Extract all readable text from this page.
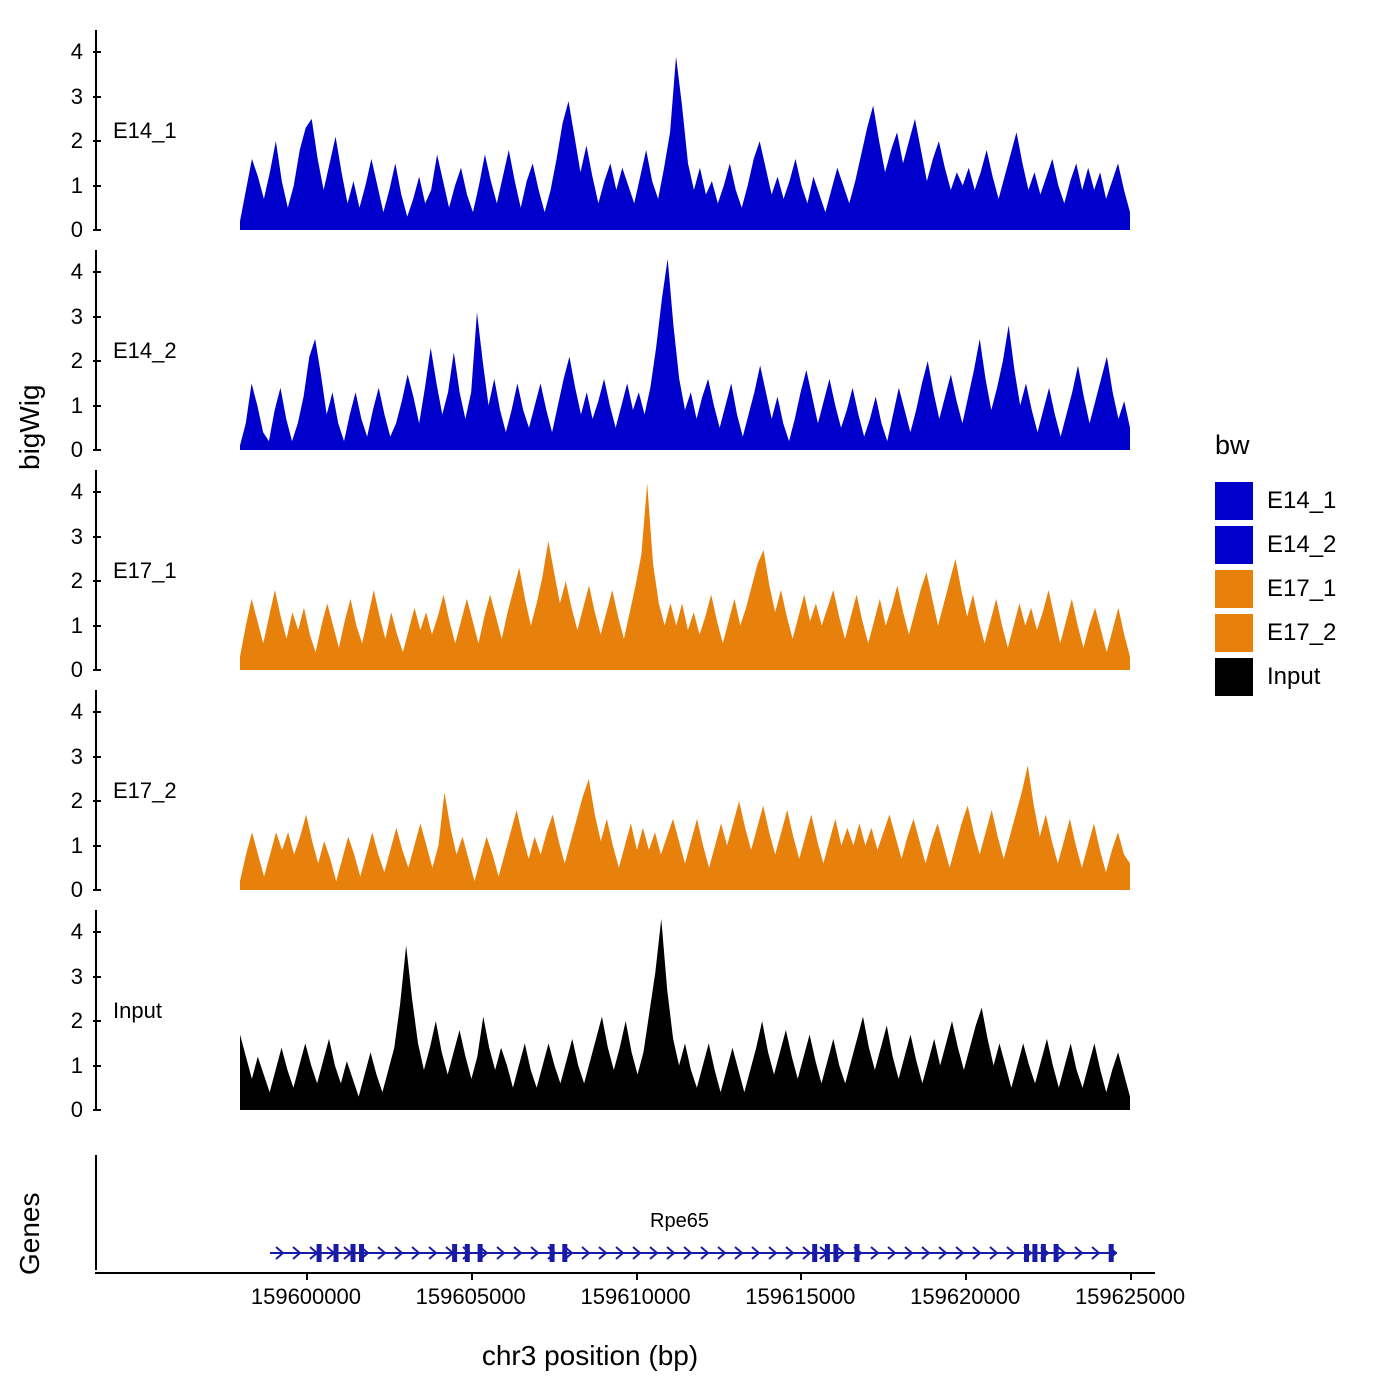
bigWig
Genes
chr3 position (bp)
0
1
2
3
4
E14_1
0
1
2
3
4
E14_2
0
1
2
3
4
E17_1
0
1
2
3
4
E17_2
0
1
2
3
4
Input
159600000 159605000 159610000 159615000 159620000 159625000
Rpe65
bw
E14_1
E14_2
E17_1
E17_2
Input
